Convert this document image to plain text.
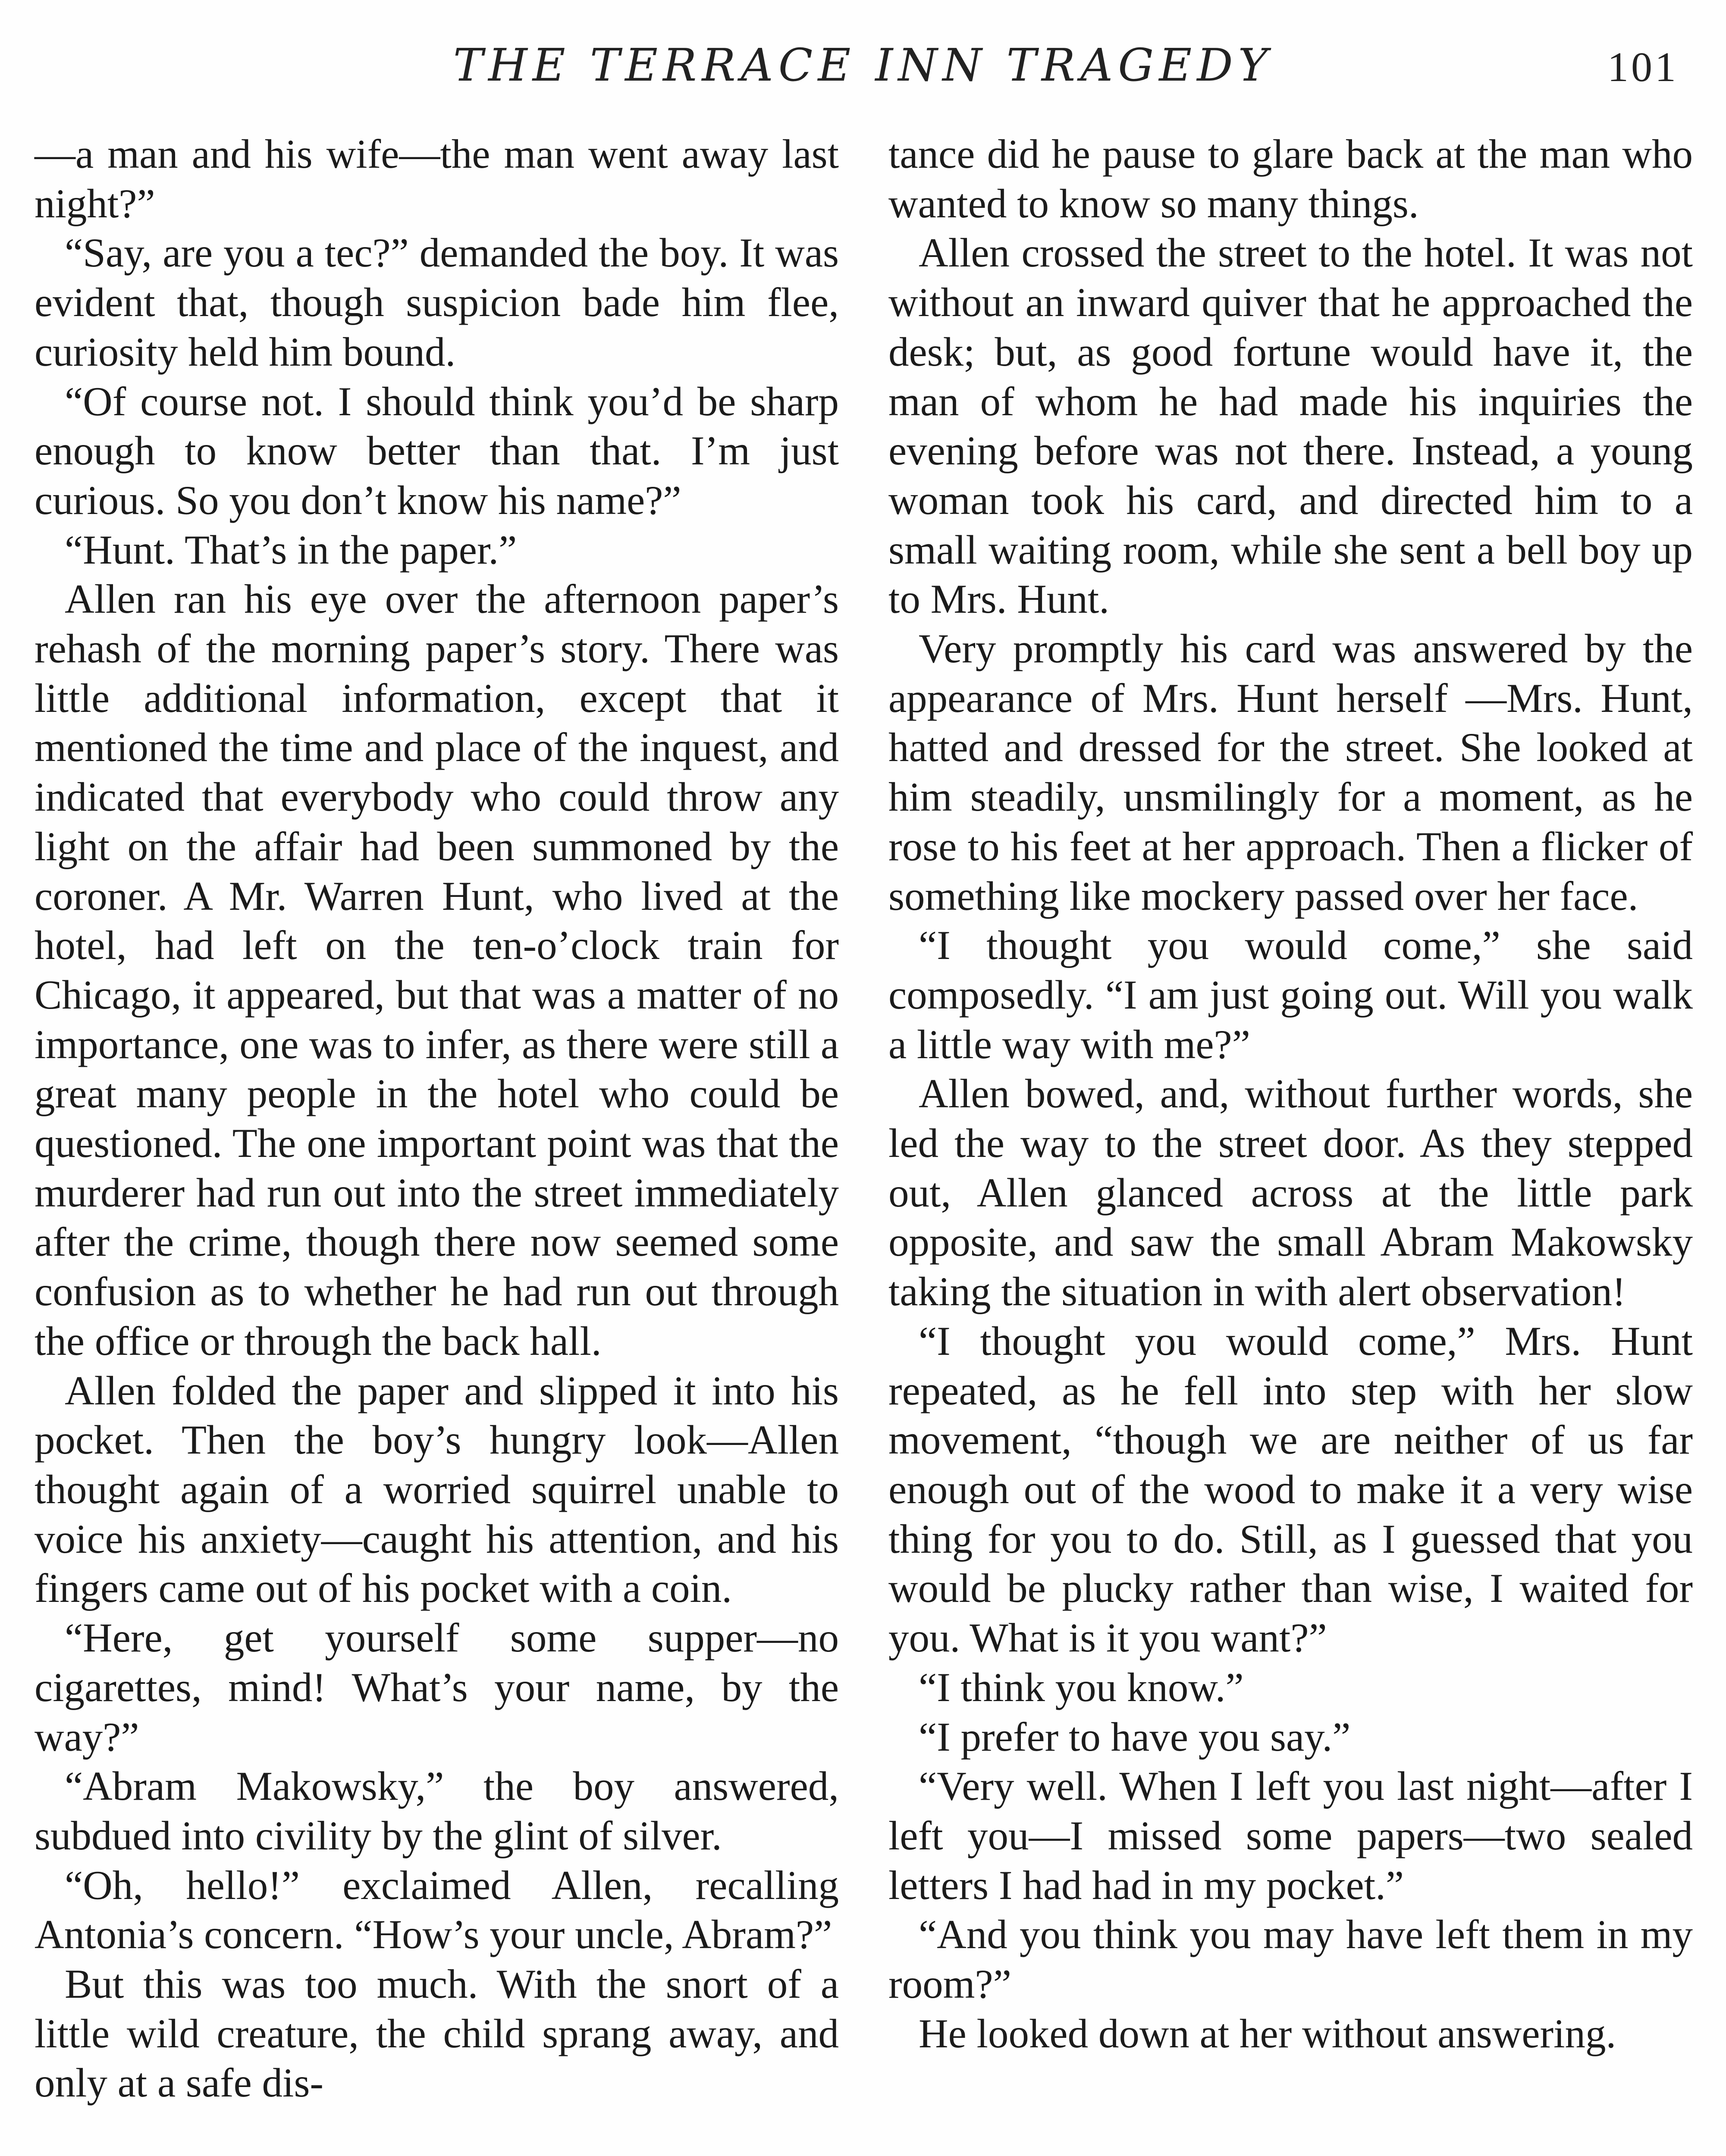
THE TERRACE INN TRAGEDY	101

—a man and his wife—the man went away last night?”

“Say, are you a tec?” demanded the boy. It was evident that, though suspicion bade him flee, curiosity held him bound.

“Of course not. I should think you’d be sharp enough to know better than that. I’m just curious. So you don’t know his name?”

“Hunt. That’s in the paper.”

Allen ran his eye over the afternoon paper’s rehash of the morning paper’s story. There was little additional information, except that it mentioned the time and place of the inquest, and indicated that everybody who could throw any light on the affair had been summoned by the coroner. A Mr. Warren Hunt, who lived at the hotel, had left on the ten-o’clock train for Chicago, it appeared, but that was a matter of no importance, one was to infer, as there were still a great many people in the hotel who could be questioned. The one important point was that the murderer had run out into the street immediately after the crime, though there now seemed some confusion as to whether he had run out through the office or through the back hall.

Allen folded the paper and slipped it into his pocket. Then the boy’s hungry look—Allen thought again of a worried squirrel unable to voice his anxiety—caught his attention, and his fingers came out of his pocket with a coin.

“Here, get yourself some supper—no cigarettes, mind! What’s your name, by the way?”

“Abram Makowsky,” the boy answered, subdued into civility by the glint of silver.

“Oh, hello!” exclaimed Allen, recalling Antonia’s concern. “How’s your uncle, Abram?”

But this was too much. With the snort of a little wild creature, the child sprang away, and only at a safe dis-

tance did he pause to glare back at the man who wanted to know so many things.

Allen crossed the street to the hotel. It was not without an inward quiver that he approached the desk; but, as good fortune would have it, the man of whom he had made his inquiries the evening before was not there. Instead, a young woman took his card, and directed him to a small waiting room, while she sent a bell boy up to Mrs. Hunt.

Very promptly his card was answered by the appearance of Mrs. Hunt herself —Mrs. Hunt, hatted and dressed for the street. She looked at him steadily, unsmilingly for a moment, as he rose to his feet at her approach. Then a flicker of something like mockery passed over her face.

“I thought you would come,” she said composedly. “I am just going out. Will you walk a little way with me?”

Allen bowed, and, without further words, she led the way to the street door. As they stepped out, Allen glanced across at the little park opposite, and saw the small Abram Makowsky taking the situation in with alert observation!

“I thought you would come,” Mrs. Hunt repeated, as he fell into step with her slow movement, “though we are neither of us far enough out of the wood to make it a very wise thing for you to do. Still, as I guessed that you would be plucky rather than wise, I waited for you. What is it you want?”

“I think you know.”

“I prefer to have you say.”

“Very well. When I left you last night—after I left you—I missed some papers—two sealed letters I had had in my pocket.”

“And you think you may have left them in my room?”

He looked down at her without answering.
